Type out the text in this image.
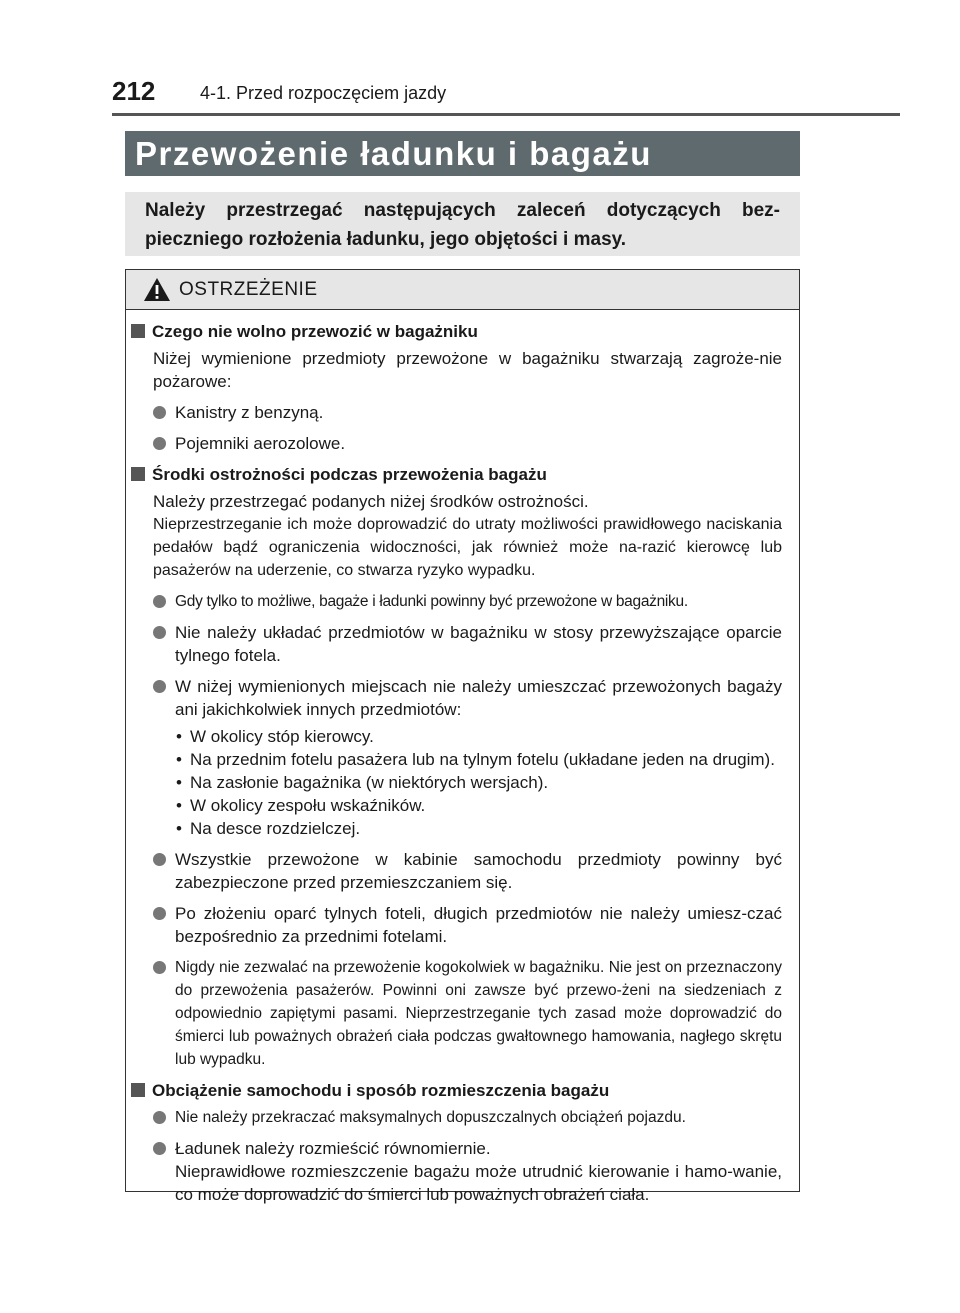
212 4-1. Przed rozpoczęciem jazdy
Przewożenie ładunku i bagażu
Należy przestrzegać następujących zaleceń dotyczących bez-pieczniego rozłożenia ładunku, jego objętości i masy.
OSTRZEŻENIE
Czego nie wolno przewozić w bagażniku
Niżej wymienione przedmioty przewożone w bagażniku stwarzają zagroże-nie pożarowe:
Kanistry z benzyną.
Pojemniki aerozolowe.
Środki ostrożności podczas przewożenia bagażu
Należy przestrzegać podanych niżej środków ostrożności.
Nieprzestrzeganie ich może doprowadzić do utraty możliwości prawidłowego naciskania pedałów bądź ograniczenia widoczności, jak również może na-razić kierowcę lub pasażerów na uderzenie, co stwarza ryzyko wypadku.
Gdy tylko to możliwe, bagaże i ładunki powinny być przewożone w bagażniku.
Nie należy układać przedmiotów w bagażniku w stosy przewyższające oparcie tylnego fotela.
W niżej wymienionych miejscach nie należy umieszczać przewożonych bagaży ani jakichkolwiek innych przedmiotów:
• W okolicy stóp kierowcy.
• Na przednim fotelu pasażera lub na tylnym fotelu (układane jeden na drugim).
• Na zasłonie bagażnika (w niektórych wersjach).
• W okolicy zespołu wskaźników.
• Na desce rozdzielczej.
Wszystkie przewożone w kabinie samochodu przedmioty powinny być zabezpieczone przed przemieszczaniem się.
Po złożeniu oparć tylnych foteli, długich przedmiotów nie należy umiesz-czać bezpośrednio za przednimi fotelami.
Nigdy nie zezwalać na przewożenie kogokolwiek w bagażniku. Nie jest on przeznaczony do przewożenia pasażerów. Powinni oni zawsze być przewo-żeni na siedzeniach z odpowiednio zapiętymi pasami. Nieprzestrzeganie tych zasad może doprowadzić do śmierci lub poważnych obrażeń ciała podczas gwałtownego hamowania, nagłego skrętu lub wypadku.
Obciążenie samochodu i sposób rozmieszczenia bagażu
Nie należy przekraczać maksymalnych dopuszczalnych obciążeń pojazdu.
Ładunek należy rozmieścić równomiernie.
Nieprawidłowe rozmieszczenie bagażu może utrudnić kierowanie i hamo-wanie, co może doprowadzić do śmierci lub poważnych obrażeń ciała.
